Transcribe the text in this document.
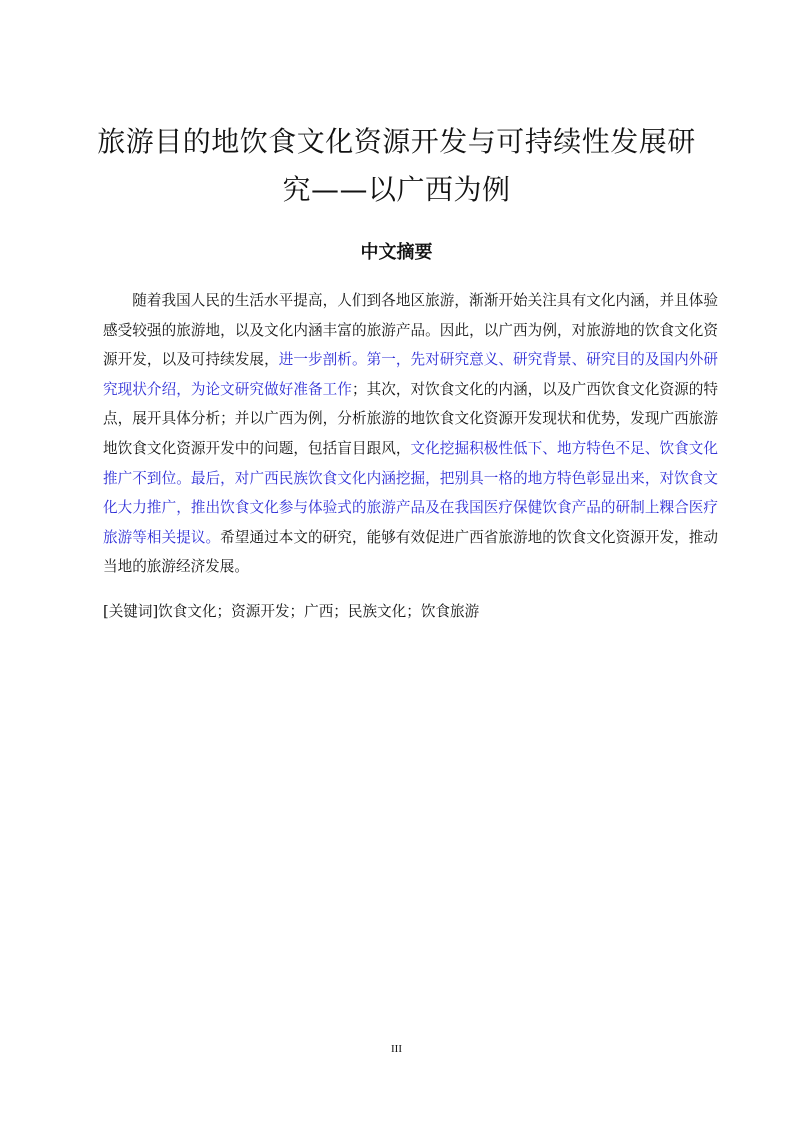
旅游目的地饮食文化资源开发与可持续性发展研
究——以广西为例
中文摘要

随着我国人民的生活水平提高，人们到各地区旅游，渐渐开始关注具有文化内涵，并且体验感受较强的旅游地，以及文化内涵丰富的旅游产品。因此，以广西为例，对旅游地的饮食文化资源开发，以及可持续发展，进一步剖析。第一，先对研究意义、研究背景、研究目的及国内外研究现状介绍，为论文研究做好准备工作；其次，对饮食文化的内涵，以及广西饮食文化资源的特点，展开具体分析；并以广西为例，分析旅游的地饮食文化资源开发现状和优势，发现广西旅游地饮食文化资源开发中的问题，包括盲目跟风，文化挖掘积极性低下、地方特色不足、饮食文化推广不到位。最后，对广西民族饮食文化内涵挖掘，把别具一格的地方特色彰显出来，对饮食文化大力推广，推出饮食文化参与体验式的旅游产品及在我国医疗保健饮食产品的研制上粿合医疗旅游等相关提议。希望通过本文的研究，能够有效促进广西省旅游地的饮食文化资源开发，推动当地的旅游经济发展。

[关键词]饮食文化；资源开发；广西；民族文化；饮食旅游

III
